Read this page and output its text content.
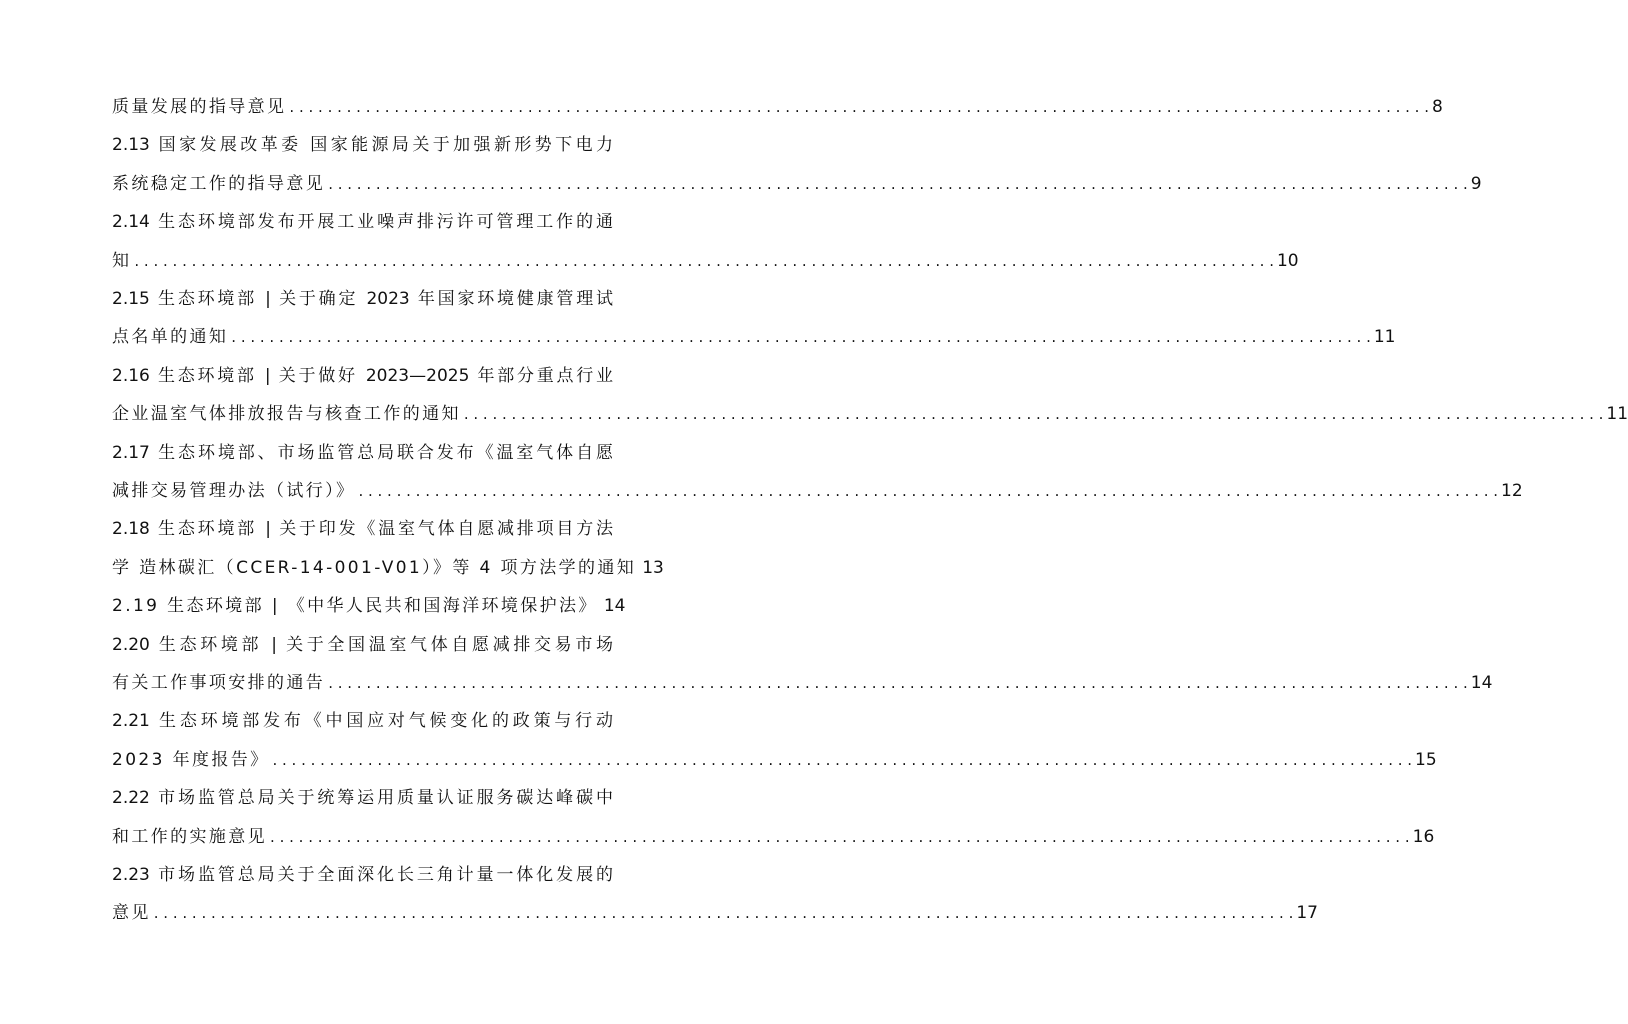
质量发展的指导意见 . . . . . . . . . . . . . . . . . . . . . . . . . . . . . . . . . . . . . . . . . . . . . . . . . . . . . . . . . . . . . . . . . . . . . . . . . . . . . . . . . . . . . . . . . . . . . . . . . . . . . . . . . . . . . . . . . . . . . . . . 8
2.13 国家发展改革委 国家能源局关于加强新形势下电力
系统稳定工作的指导意见 . . . . . . . . . . . . . . . . . . . . . . . . . . . . . . . . . . . . . . . . . . . . . . . . . . . . . . . . . . . . . . . . . . . . . . . . . . . . . . . . . . . . . . . . . . . . . . . . . . . . . . . . . . . . . . . . . . . . . . . . 9
2.14 生态环境部发布开展工业噪声排污许可管理工作的通
知 . . . . . . . . . . . . . . . . . . . . . . . . . . . . . . . . . . . . . . . . . . . . . . . . . . . . . . . . . . . . . . . . . . . . . . . . . . . . . . . . . . . . . . . . . . . . . . . . . . . . . . . . . . . . . . . . . . . . . . . . 10
2.15 生态环境部 | 关于确定 2023 年国家环境健康管理试
点名单的通知 . . . . . . . . . . . . . . . . . . . . . . . . . . . . . . . . . . . . . . . . . . . . . . . . . . . . . . . . . . . . . . . . . . . . . . . . . . . . . . . . . . . . . . . . . . . . . . . . . . . . . . . . . . . . . . . . . . . . . . . . 11
2.16 生态环境部 | 关于做好 2023—2025 年部分重点行业
企业温室气体排放报告与核查工作的通知 . . . . . . . . . . . . . . . . . . . . . . . . . . . . . . . . . . . . . . . . . . . . . . . . . . . . . . . . . . . . . . . . . . . . . . . . . . . . . . . . . . . . . . . . . . . . . . . . . . . . . . . . . . . . . . . . . . . . . . . . 11
2.17 生态环境部、市场监管总局联合发布《温室气体自愿
减排交易管理办法（试行）》 . . . . . . . . . . . . . . . . . . . . . . . . . . . . . . . . . . . . . . . . . . . . . . . . . . . . . . . . . . . . . . . . . . . . . . . . . . . . . . . . . . . . . . . . . . . . . . . . . . . . . . . . . . . . . . . . . . . . . . . . 12
2.18 生态环境部 | 关于印发《温室气体自愿减排项目方法
学 造林碳汇（CCER-14-001-V01）》等 4 项方法学的通知 13
2.19 生态环境部 | 《中华人民共和国海洋环境保护法》 14
2.20 生态环境部 | 关于全国温室气体自愿减排交易市场
有关工作事项安排的通告 . . . . . . . . . . . . . . . . . . . . . . . . . . . . . . . . . . . . . . . . . . . . . . . . . . . . . . . . . . . . . . . . . . . . . . . . . . . . . . . . . . . . . . . . . . . . . . . . . . . . . . . . . . . . . . . . . . . . . . . . 14
2.21 生态环境部发布《中国应对气候变化的政策与行动
2023 年度报告》 . . . . . . . . . . . . . . . . . . . . . . . . . . . . . . . . . . . . . . . . . . . . . . . . . . . . . . . . . . . . . . . . . . . . . . . . . . . . . . . . . . . . . . . . . . . . . . . . . . . . . . . . . . . . . . . . . . . . . . . . 15
2.22 市场监管总局关于统筹运用质量认证服务碳达峰碳中
和工作的实施意见 . . . . . . . . . . . . . . . . . . . . . . . . . . . . . . . . . . . . . . . . . . . . . . . . . . . . . . . . . . . . . . . . . . . . . . . . . . . . . . . . . . . . . . . . . . . . . . . . . . . . . . . . . . . . . . . . . . . . . . . . 16
2.23 市场监管总局关于全面深化长三角计量一体化发展的
意见 . . . . . . . . . . . . . . . . . . . . . . . . . . . . . . . . . . . . . . . . . . . . . . . . . . . . . . . . . . . . . . . . . . . . . . . . . . . . . . . . . . . . . . . . . . . . . . . . . . . . . . . . . . . . . . . . . . . . . . . . 17
